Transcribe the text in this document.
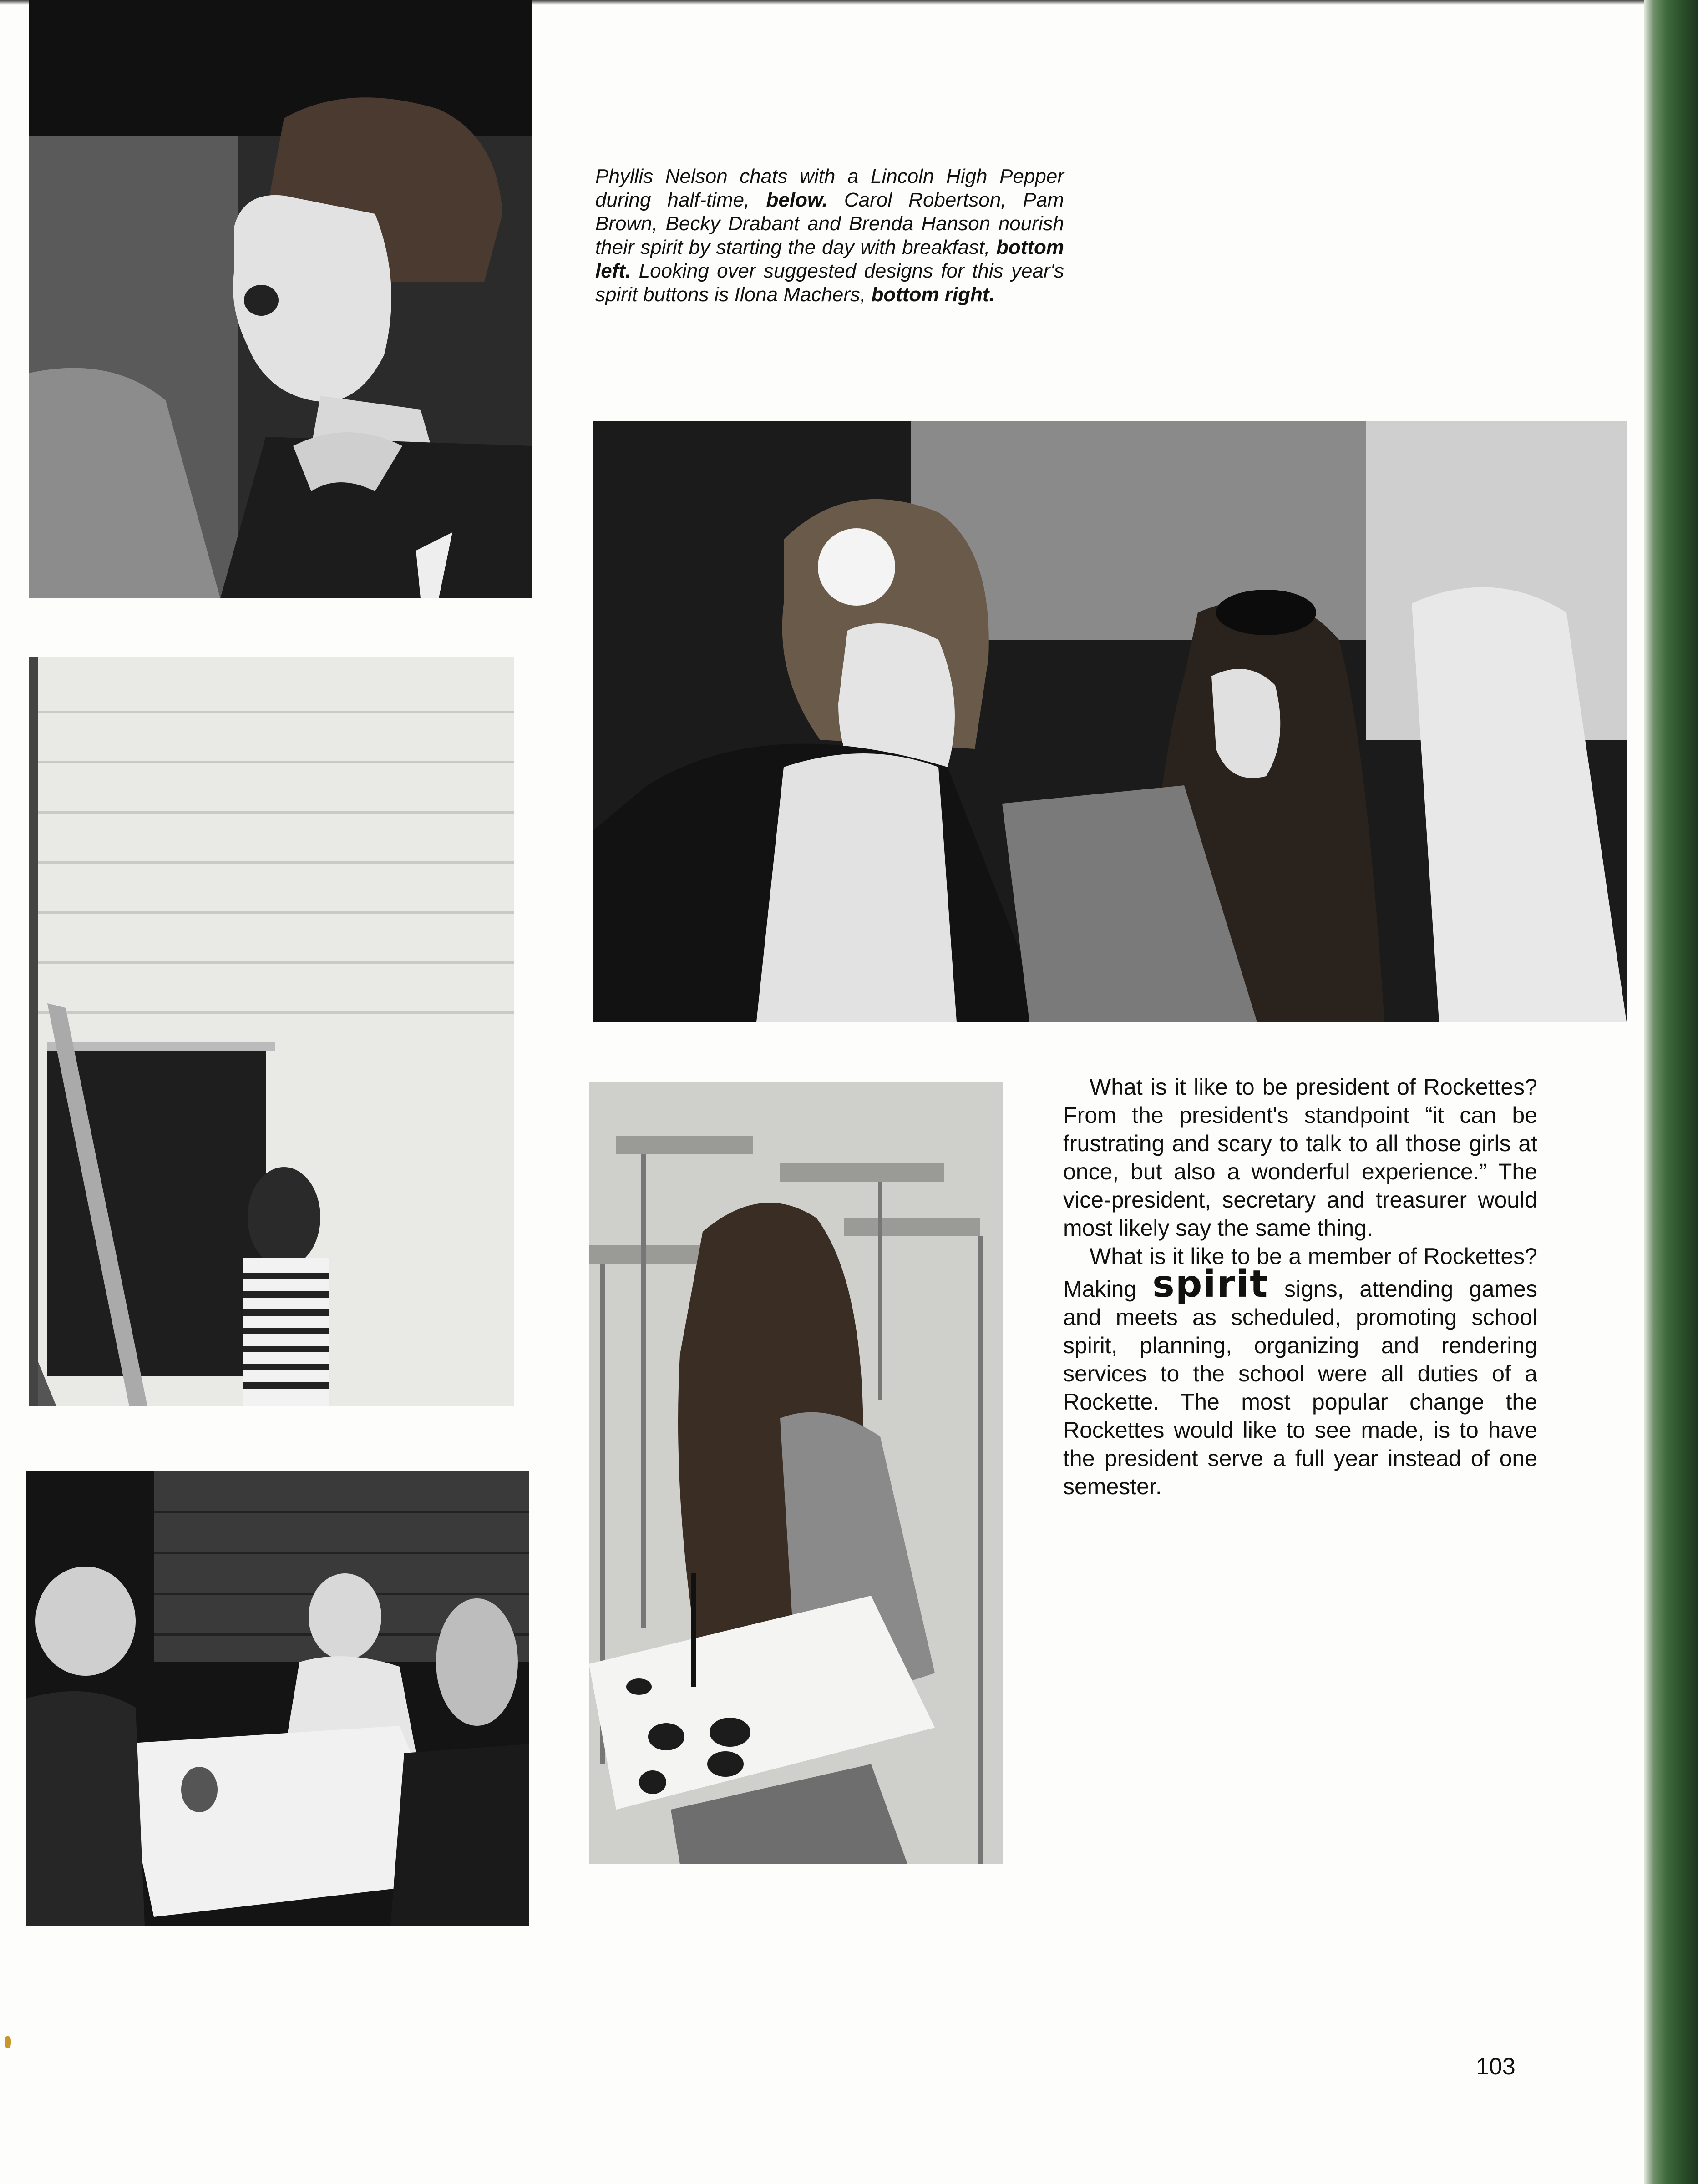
Phyllis Nelson chats with a Lincoln High Pepper during half-time, below. Carol Robertson, Pam Brown, Becky Drabant and Brenda Hanson nourish their spirit by starting the day with breakfast, bottom left. Looking over suggested designs for this year's spirit buttons is Ilona Machers, bottom right.

What is it like to be president of Rockettes? From the president's standpoint “it can be frustrating and scary to talk to all those girls at once, but also a wonderful experience.” The vice-president, secretary and treasurer would most likely say the same thing.

What is it like to be a member of Rockettes? Making spirit signs, attending games and meets as scheduled, promoting school spirit, planning, organizing and rendering services to the school were all duties of a Rockette. The most popular change the Rockettes would like to see made, is to have the president serve a full year instead of one semester.

103
